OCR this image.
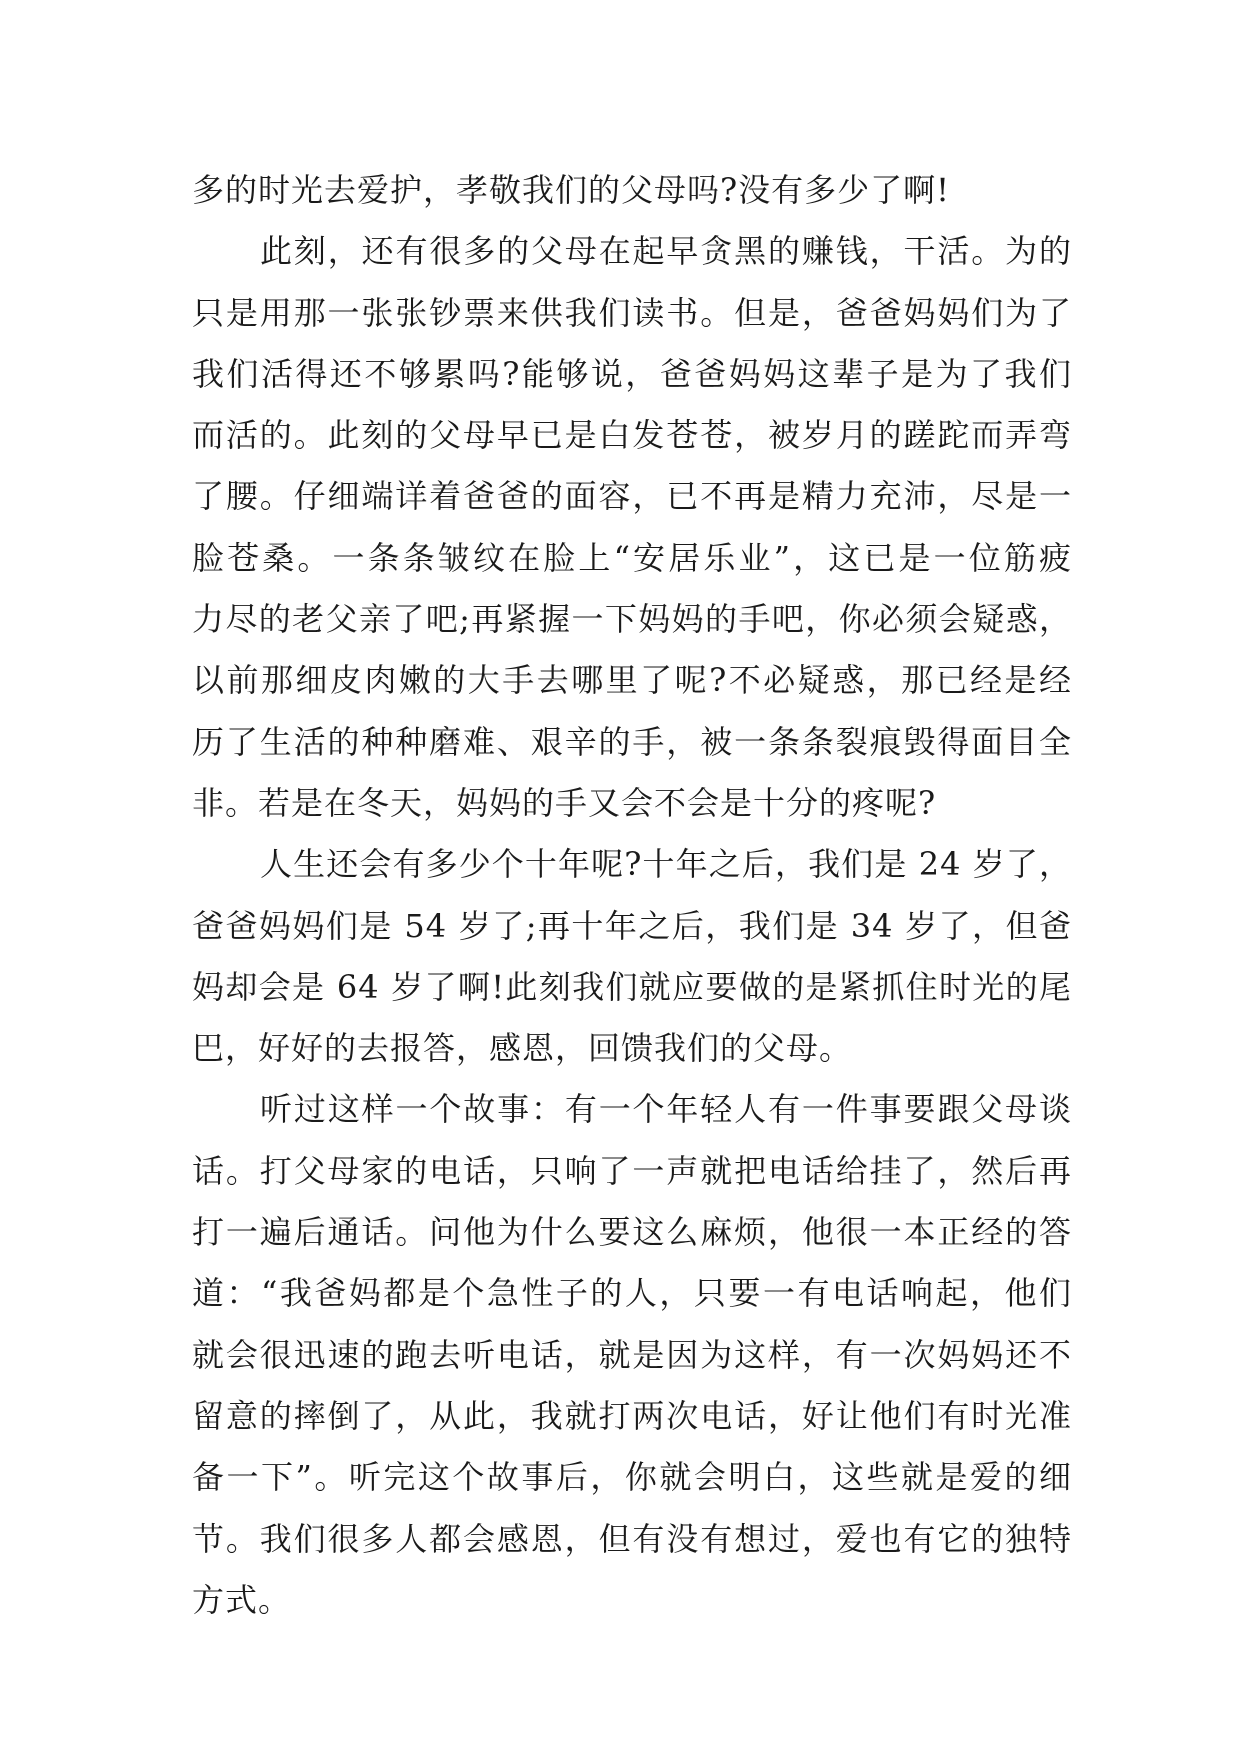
多的时光去爱护，孝敬我们的父母吗?没有多少了啊!
此刻，还有很多的父母在起早贪黑的赚钱，干活。为的
只是用那一张张钞票来供我们读书。但是，爸爸妈妈们为了
我们活得还不够累吗?能够说，爸爸妈妈这辈子是为了我们
而活的。此刻的父母早已是白发苍苍，被岁月的蹉跎而弄弯
了腰。仔细端详着爸爸的面容，已不再是精力充沛，尽是一
脸苍桑。一条条皱纹在脸上“安居乐业”，这已是一位筋疲
力尽的老父亲了吧;再紧握一下妈妈的手吧，你必须会疑惑，
以前那细皮肉嫩的大手去哪里了呢?不必疑惑，那已经是经
历了生活的种种磨难、艰辛的手，被一条条裂痕毁得面目全
非。若是在冬天，妈妈的手又会不会是十分的疼呢?
人生还会有多少个十年呢?十年之后，我们是 24 岁了，
爸爸妈妈们是 54 岁了;再十年之后，我们是 34 岁了，但爸
妈却会是 64 岁了啊!此刻我们就应要做的是紧抓住时光的尾
巴，好好的去报答，感恩，回馈我们的父母。
听过这样一个故事：有一个年轻人有一件事要跟父母谈
话。打父母家的电话，只响了一声就把电话给挂了，然后再
打一遍后通话。问他为什么要这么麻烦，他很一本正经的答
道：“我爸妈都是个急性子的人，只要一有电话响起，他们
就会很迅速的跑去听电话，就是因为这样，有一次妈妈还不
留意的摔倒了，从此，我就打两次电话，好让他们有时光准
备一下”。听完这个故事后，你就会明白，这些就是爱的细
节。我们很多人都会感恩，但有没有想过，爱也有它的独特
方式。
